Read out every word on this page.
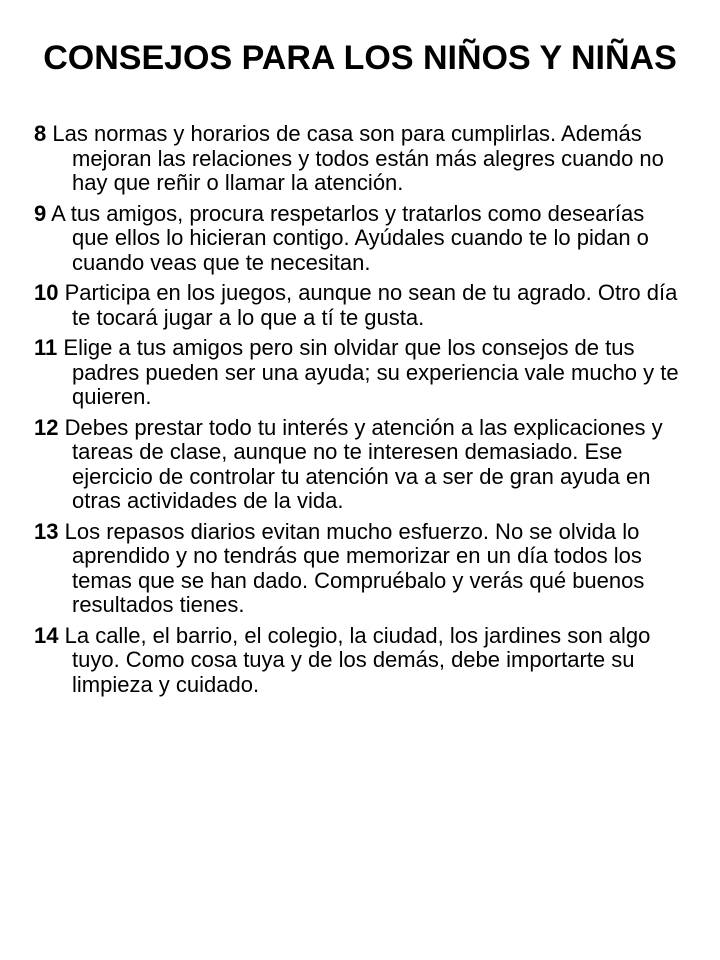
CONSEJOS PARA LOS NIÑOS Y NIÑAS
8 Las normas y horarios de casa son para cumplirlas. Además mejoran las relaciones y todos están más alegres cuando no hay que reñir o llamar la atención.
9 A tus amigos, procura respetarlos y tratarlos como desearías que ellos lo hicieran contigo. Ayúdales cuando te lo pidan o cuando veas que te necesitan.
10 Participa en los juegos, aunque no sean de tu agrado. Otro día te tocará jugar a lo que a tí te gusta.
11 Elige a tus amigos pero sin olvidar que los consejos de tus padres pueden ser una ayuda; su experiencia vale mucho y te quieren.
12 Debes prestar todo tu interés y atención a las explicaciones y tareas de clase, aunque no te interesen demasiado. Ese ejercicio de controlar tu atención va a ser de gran ayuda en otras actividades de la vida.
13 Los repasos diarios evitan mucho esfuerzo. No se olvida lo aprendido y no tendrás que memorizar en un día todos los temas que se han dado. Compruébalo y verás qué buenos resultados tienes.
14 La calle, el barrio, el colegio, la ciudad, los jardines son algo tuyo. Como cosa tuya y de los demás, debe importarte su limpieza y cuidado.
